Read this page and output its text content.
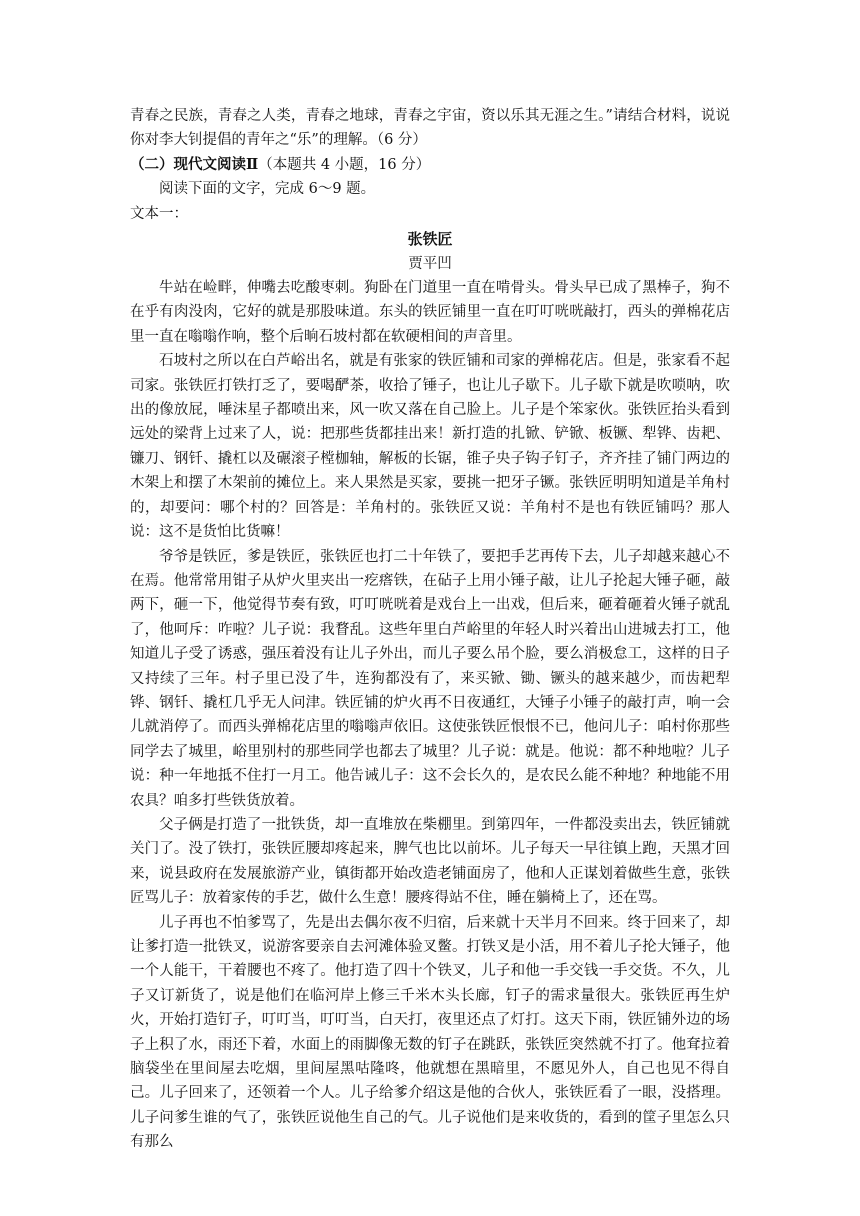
青春之民族，青春之人类，青春之地球，青春之宇宙，资以乐其无涯之生。”请结合材料，说说你对李大钊提倡的青年之“乐”的理解。（6 分）

（二）现代文阅读Ⅱ（本题共 4 小题，16 分）

阅读下面的文字，完成 6～9 题。

文本一：

张铁匠

贾平凹

牛站在崄畔，伸嘴去吃酸枣刺。狗卧在门道里一直在啃骨头。骨头早已成了黑棒子，狗不在乎有肉没肉，它好的就是那股味道。东头的铁匠铺里一直在叮叮咣咣敲打，西头的弹棉花店里一直在嗡嗡作响，整个后晌石坡村都在软硬相间的声音里。

石坡村之所以在白芦峪出名，就是有张家的铁匠铺和司家的弹棉花店。但是，张家看不起司家。张铁匠打铁打乏了，要喝酽茶，收拾了锤子，也让儿子歇下。儿子歇下就是吹唢呐，吹出的像放屁，唾沫星子都喷出来，风一吹又落在自己脸上。儿子是个笨家伙。张铁匠抬头看到远处的梁背上过来了人，说：把那些货都挂出来！新打造的扎锨、铲锨、板镢、犁铧、齿耙、镰刀、钢钎、撬杠以及碾滚子樘枷轴，解板的长锯，锥子央子钩子钉子，齐齐挂了铺门两边的木架上和摆了木架前的摊位上。来人果然是买家，要挑一把牙子镢。张铁匠明明知道是羊角村的，却要问：哪个村的？回答是：羊角村的。张铁匠又说：羊角村不是也有铁匠铺吗？那人说：这不是货怕比货嘛！

爷爷是铁匠，爹是铁匠，张铁匠也打二十年铁了，要把手艺再传下去，儿子却越来越心不在焉。他常常用钳子从炉火里夹出一疙瘩铁，在砧子上用小锤子敲，让儿子抡起大锤子砸，敲两下，砸一下，他觉得节奏有致，叮叮咣咣着是戏台上一出戏，但后来，砸着砸着火锤子就乱了，他呵斥：咋啦？儿子说：我瞀乱。这些年里白芦峪里的年轻人时兴着出山进城去打工，他知道儿子受了诱惑，强压着没有让儿子外出，而儿子要么吊个脸，要么消极怠工，这样的日子又持续了三年。村子里已没了牛，连狗都没有了，来买锨、锄、镢头的越来越少，而齿耙犁铧、钢钎、撬杠几乎无人问津。铁匠铺的炉火再不日夜通红，大锤子小锤子的敲打声，响一会儿就消停了。而西头弹棉花店里的嗡嗡声依旧。这使张铁匠恨恨不已，他问儿子：咱村你那些同学去了城里，峪里别村的那些同学也都去了城里？儿子说：就是。他说：都不种地啦？儿子说：种一年地抵不住打一月工。他告诫儿子：这不会长久的，是农民么能不种地？种地能不用农具？咱多打些铁货放着。

父子俩是打造了一批铁货，却一直堆放在柴棚里。到第四年，一件都没卖出去，铁匠铺就关门了。没了铁打，张铁匠腰却疼起来，脾气也比以前坏。儿子每天一早往镇上跑，天黑才回来，说县政府在发展旅游产业，镇街都开始改造老铺面房了，他和人正谋划着做些生意，张铁匠骂儿子：放着家传的手艺，做什么生意！腰疼得站不住，睡在躺椅上了，还在骂。

儿子再也不怕爹骂了，先是出去偶尔夜不归宿，后来就十天半月不回来。终于回来了，却让爹打造一批铁叉，说游客要亲自去河滩体验叉鳖。打铁叉是小活，用不着儿子抡大锤子，他一个人能干，干着腰也不疼了。他打造了四十个铁叉，儿子和他一手交钱一手交货。不久，儿子又订新货了，说是他们在临河岸上修三千米木头长廊，钉子的需求量很大。张铁匠再生炉火，开始打造钉子，叮叮当，叮叮当，白天打，夜里还点了灯打。这天下雨，铁匠铺外边的场子上积了水，雨还下着，水面上的雨脚像无数的钉子在跳跃，张铁匠突然就不打了。他耷拉着脑袋坐在里间屋去吃烟，里间屋黑咕隆咚，他就想在黑暗里，不愿见外人，自己也见不得自己。儿子回来了，还领着一个人。儿子给爹介绍这是他的合伙人，张铁匠看了一眼，没搭理。儿子问爹生谁的气了，张铁匠说他生自己的气。儿子说他们是来收货的，看到的筐子里怎么只有那么
